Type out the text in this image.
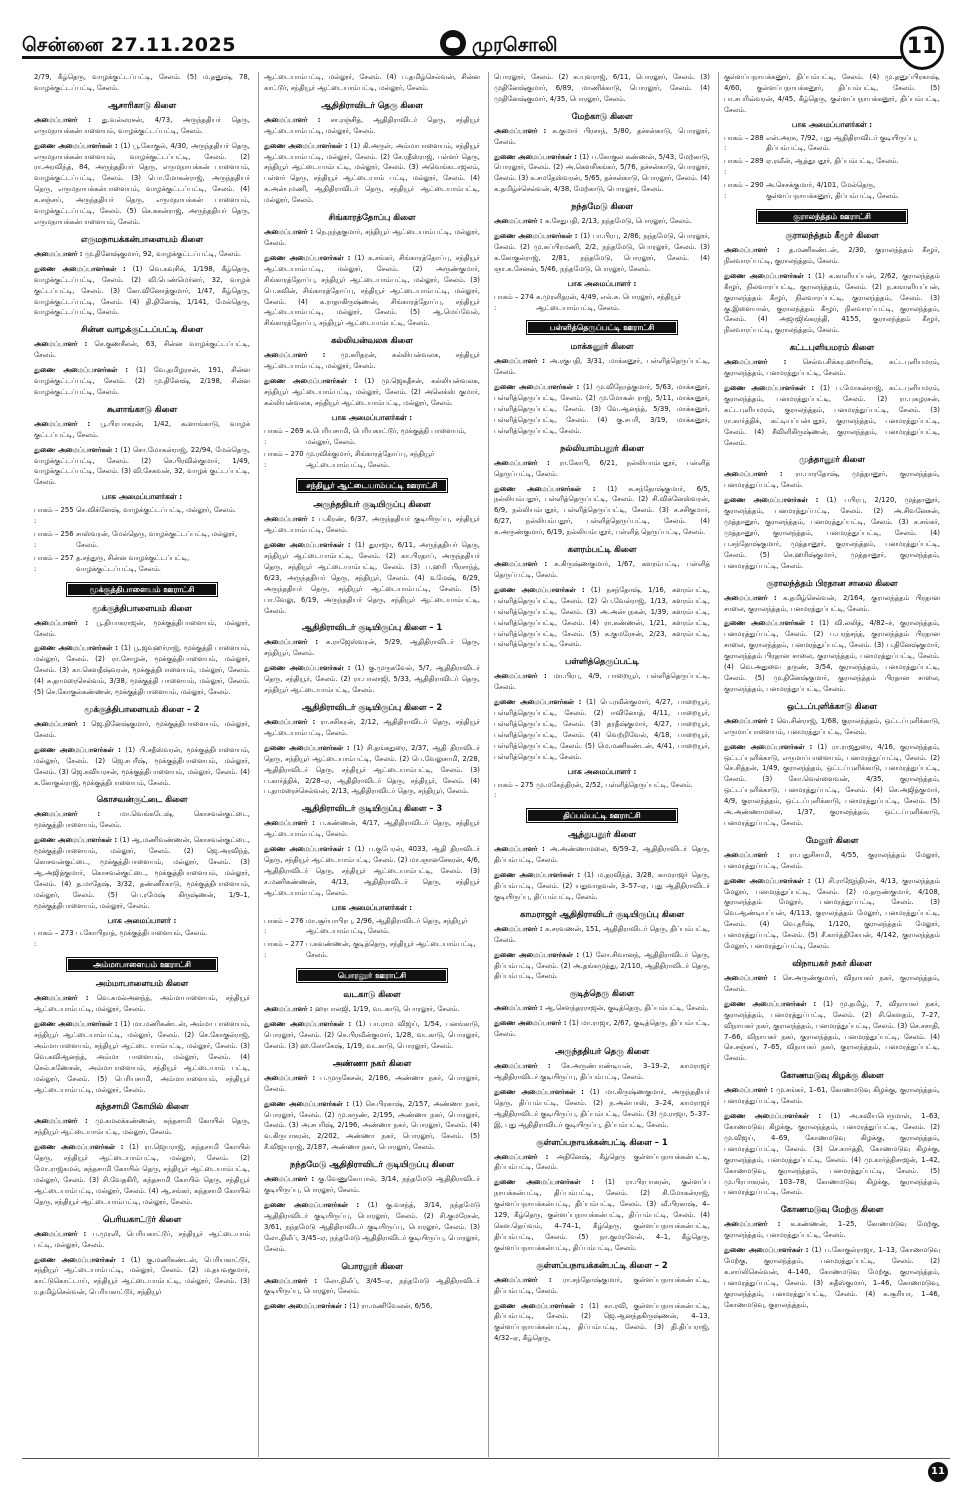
சென்னை 27.11.2025	முரசொலி	11

2/79, கீழ்தெரு, வாழக்குட்டப்பட்டி, சேலம். (5) ம.தனுஷ், 78, வாழக்குட்டப்பட்டி, சேலம்.

ஆசாரிகாடு கிளை

அமைப்பாளர் : து.வல்லரசன், 4/73, அருந்ததியர் தெரு, எருமநாயக்கன்பாளையம், வாழக்குட்டப்பட்டி, சேலம்.

துணை அமைப்பாளர்கள் : (1) பூ.கோகுல், 4/30, அருந்ததியர் தெரு, எருமநாயக்கன்பாளையம், வாழக்குட்டப்பட்டி, சேலம். (2) ரா.அரவிந்த், 84, அருந்ததியர் தெரு, எருமநாயக்கன் பாளையம், வாழக்குட்டப்பட்டி, சேலம். (3) பொ.மோகன்ராஜ், அருந்ததியர் தெரு, எருமநாயக்கன்பாளையம், வாழக்குட்டப்பட்டி, சேலம். (4) க.சஞ்சய், அருந்ததியர் தெரு, எருமநாயக்கன் பாளையம், வாழக்குட்டப்பட்டி, சேலம். (5) செ.சுகன்ராஜ், அருந்ததியர் தெரு, எருமநாயக்கன்பாளையம், சேலம்.

எருமநாயக்கன்பாளையம் கிளை

அமைப்பாளர் : மு.தினேஷ்குமார், 92, வாழக்குட்டப்பட்டி, சேலம்.

துணை அமைப்பாளர்கள் : (1) வெ.கவுசிக், 1/198, கீழ்தெரு, வாழக்குட்டப்பட்டி, சேலம். (2) வி.பெண்மெர்னர், 32, வாழக் குட்டப்பட்டி, சேலம். (3) கோ.வினோத்குமார், 1/47, கீழ்தெரு, வாழக்குட்டப்பட்டி, சேலம். (4) தி.தினேஷ், 1/141, மேல்தெரு, வாழக்குட்டப்பட்டி, சேலம்.

சின்ன வாழக்குட்டப்பட்டி கிளை

அமைப்பாளர் : செ.குணசீலன், 63, சின்ன வாழக்குட்டப்பட்டி, சேலம்.

துணை அமைப்பாளர்கள் : (1) வே.தமிழரசன், 191, சின்ன வாழக்குட்டப்பட்டி, சேலம். (2) மு.தினேஷ், 2/198, சின்ன வாழக்குட்டப்பட்டி, சேலம்.

கூளாங்காடு கிளை

அமைப்பாளர் : பூ.பிரபாகரன், 1/42, கூளாங்காடு, வாழக் குட்டப்பட்டி, சேலம்.

துணை அமைப்பாளர்கள் : (1) சொ.மோகன்ராஜ், 22/94, மேல்தெரு, வாழக்குட்டப்பட்டி, சேலம். (2) செ.பிரவின்குமார், 1/49, வாழக்குட்டப்பட்டி, சேலம். (3) வி.சேகவன், 32, வாழக் குட்டப்பட்டி, சேலம்.

பாக அமைப்பாளர்கள் :
பாகம் – 255 :
செ.விக்னேஷ், வாழக்குட்டப்பட்டி, மல்லூர், சேலம்.
பாகம் – 256 :
சாஸ்வரன், மேல்தெரு, வாழக்குட்டப்பட்டி, மல்லூர், சேலம்.
பாகம் – 257 :
த.சந்துரு, சின்ன வாழக்குட்டப்பட்டி, வாழக்குட்டப்பட்டி, சேலம்.
மூக்குத்திபாளையம் ஊராட்சி
மூக்குத்திபாளையம் கிளை

அமைப்பாளர் : பூ.தியாகராஜன், மூக்குத்திபாளையம், மல்லூர், சேலம்.

துணை அமைப்பாளர்கள் : (1) பூ.ஜவஹர்ராஜ், மூக்குத்தி பாளையம், மல்லூர், சேலம். (2) ரா.சோழன், மூக்குத்திபாளையம், மல்லூர், சேலம். (3) கா.கௌதீஷ்வரன், மூக்குத்திபாளையம், மல்லூர், சேலம். (4) சு.தாமரைசெல்வம், 3/38, மூக்குத்தி பாளையம், மல்லூர், சேலம். (5) செ.கோகுல்கண்ணன், மூக்குத்திபாளையம், மல்லூர், சேலம்.

மூக்குத்திபாளையம் கிளை – 2

அமைப்பாளர் : ஜெ.தினேஷ்குமார், மூக்குத்திபாளையம், மல்லூர், சேலம்.

துணை அமைப்பாளர்கள் : (1) பி.சதீஸ்வரன், மூக்குத்திபாளையம், மல்லூர், சேலம். (2) ஜெ.சபரீஷ், மூக்குத்திபாளையம், மல்லூர், சேலம். (3) ஜெ.கவியரசன், மூக்குத்திபாளையம், மல்லூர், சேலம். (4) க.கோகுல்ராஜ், மூக்குத்திபாளையம், சேலம்.

கொசவன்குட்டை கிளை

அமைப்பாளர் : மா.வெங்கடேஷ், கொசவன்குட்டை, மூக்குத்திபாளையம், சேலம்.

துணை அமைப்பாளர்கள் : (1) ஆ.மணிவண்ணன், கொசவன்குட்டை, மூக்குத்திபாளையம், மல்லூர், சேலம். (2) ஜெ.அரவிந்த், கொசவன்குட்டை, மூக்குத்திபாளையம், மல்லூர், சேலம். (3) ஆ.அஜித்குமார், கொசவன்குட்டை, மூக்குத்திபாளையம், மல்லூர், சேலம். (4) த.மாதேஷ், 3/32, தண்ணீர்காடு, மூக்குத்திபாளையம், மல்லூர், சேலம். (5) பெ.ரமேஷ் கிருஷ்ணன், 1/9–1, மூக்குத்திபாளையம், மல்லூர், சேலம்.

பாக அமைப்பாளர் :
பாகம் – 273 :
ப.கோபிநாத், மூக்குத்திபாளையம், சேலம்.
அம்மாபாளையம் ஊராட்சி
அம்மாபாளையம் கிளை

அமைப்பாளர் : வெ.கமல்அனந்த், அம்மாபாளையம், சந்தியூர் ஆட்டையாம்பட்டி, மல்லூர், சேலம்.

துணை அமைப்பாளர்கள் : (1) மா.மணிகண்டன், அம்மா பாளையம், சந்தியூர் ஆட்டையாம்பட்டி, மல்லூர், சேலம். (2) செ.கோகுல்ராஜ், அம்மாபாளையம், சந்தியூர் ஆட்டை யாம்பட்டி, மல்லூர், சேலம். (3) வெ.கவிஆனந்த், அம்மா பாளையம், மல்லூர், சேலம். (4) செல்.கணேசன், அம்மாபாளையம், சந்தியூர் ஆட்டையாம் பட்டி, மல்லூர், சேலம். (5) பெரியசாமி, அம்மாபாளையம், சந்தியூர் ஆட்டையாம்பட்டி, மல்லூர், சேலம்.

கந்தசாமி கோயில் கிளை

அமைப்பாளர் : மு.கமலக்கண்ணன், கந்தசாமி கோயில் தெரு, சந்தியூர் ஆட்டையாம்பட்டி, மல்லூர், சேலம்.

துணை அமைப்பாளர்கள் : (1) ரா.ஜெயராஜ், கந்தசாமி கோயில் தெரு, சந்தியூர் ஆட்டையாம்பட்டி, மல்லூர், சேலம். (2) மோ.ராஜ்கமல், கந்தசாமி கோயில் தெரு, சந்தியூர் ஆட்டையாம்பட்டி, மல்லூர், சேலம். (3) சி.வேதகிரி, கந்தசாமி கோயில் தெரு, சந்தியூர் ஆட்டையாம்பட்டி, மல்லூர், சேலம். (4) ஆ.சங்கர், கந்தசாமி கோயில் தெரு, சந்தியூர் ஆட்டையாம்பட்டி, மல்லூர், சேலம்.

பெரியகாட்டூர் கிளை

அமைப்பாளர் : ப.முரளி, பெரியகாட்டூர், சந்தியூர் ஆட்டையாம் பட்டி, மல்லூர், சேலம்.

துணை அமைப்பாளர்கள் : (1) கு.மணிகண்டன், பெரியகாட்டூர், சந்தியூர் ஆட்டையாம்பட்டி, மல்லூர், சேலம். (2) ம.தயவுகுமார், காட்டுகொட்டாய், சந்தியூர் ஆட்டையாம்பட்டி, மல்லூர், சேலம். (3) ர.தமிழ்செல்வன், பெரியகாட்டூர், சந்தியூர்

ஆட்டையாம்பட்டி, மல்லூர், சேலம். (4) ப.தமிழ்செல்வன், சின்ன காட்டூர், சந்தியூர் ஆட்டையாம்பட்டி, மல்லூர், சேலம்.

ஆதிதிராவிடர் தெரு கிளை

அமைப்பாளர் : சா.ரஞ்சித், ஆதிதிராவிடர் தெரு, சந்தியூர் ஆட்டையாம்பட்டி, மல்லூர், சேலம்.

துணை அமைப்பாளர்கள் : (1) கி.அருள், அம்மாபாளையம், சந்தியூர் ஆட்டையாம்பட்டி, மல்லூர், சேலம். (2) சே.ரதீஸ்ராஜ், பள்ளர் தெரு, சந்தியூர் ஆட்டையாம்பட்டி, மல்லூர், சேலம். (3) அவெங்கடாஜலம், பள்ளர் தெரு, சந்தியூர் ஆட்டையாம் பட்டி, மல்லூர், சேலம். (4) சு.அன்புமணி, ஆதிதிராவிடர் தெரு, சந்தியூர் ஆட்டையாம்பட்டி, மல்லூர், சேலம்.

சிங்காரத்தோப்பு கிளை

அமைப்பாளர் : நெ.நந்தகுமார், சந்தியூர் ஆட்டையாம்பட்டி, மல்லூர், சேலம்.

துணை அமைப்பாளர்கள் : (1) க.சங்கர், சிங்காரத்தோப்பு, சந்தியூர் ஆட்டையாம்பட்டி, மல்லூர், சேலம். (2) அருண்குமார், சிங்காரத்தோப்பு, சந்தியூர் ஆட்டையாம்பட்டி, மல்லூர், சேலம். (3) பெ.கவின், சிங்காரத்தோப்பு, சந்தியூர் ஆட்டையாம்பட்டி, மல்லூர், சேலம். (4) க.ராதாகிருஷ்ணன், சிங்காரத்தோப்பு, சந்தியூர் ஆட்டையாம்பட்டி, மல்லூர், சேலம். (5) ஆ.மெய்வேல், சிங்காரத்தோப்பு, சந்தியூர் ஆட்டையாம்பட்டி, சேலம்.

கல்லியன்வலசு கிளை

அமைப்பாளர் : மு.சுரிதரன், கல்லியன்வலசு, சந்தியூர் ஆட்டையாம்பட்டி, மல்லூர், சேலம்.

துணை அமைப்பாளர்கள் : (1) மு.ஜெகதீசன், கல்லியன்வலசு, சந்தியூர் ஆட்டையாம்பட்டி, மல்லூர், சேலம். (2) அலெக்ஸ் குமார், கல்லியன்வலசு, சந்தியூர் ஆட்டையாம்பட்டி, மல்லூர், சேலம்.

பாக அமைப்பாளர்கள் :
பாகம் – 269 :
சு.பெரியசாமி, பெரியகாட்டூர், மூக்குத்தி பாளையம், மல்லூர், சேலம்.
பாகம் – 270 :
மு.ரவிக்குமார், சிங்காரத்தோப்பு, சந்தியூர் ஆட்டையாம்பட்டி, சேலம்.
சந்தியூர் ஆட்டையாம்பட்டி ஊராட்சி
அருந்ததியர் குடியிருப்பு கிளை

அமைப்பாளர் : ப.கிரண், 6/37, அருந்ததியர் குடியிருப்பு, சந்தியூர் ஆட்டையாம்பட்டி, சேலம்.

துணை அமைப்பாளர்கள் : (1) துராஜா, 6/11, அருந்ததியர் தெரு, சந்தியூர் ஆட்டையாம்பட்டி, சேலம். (2) கா.பிரதாப், அருந்ததியர் தெரு, சந்தியூர் ஆட்டையாம்பட்டி, சேலம். (3) ப.ஹரி பிரசாந்த், 6/23, அருந்ததியர் தெரு, சந்தியூர், சேலம். (4) உமேஷ், 6/29, அருந்ததியர் தெரு, சந்தியூர் ஆட்டையாம்பட்டி, சேலம். (5) பா.வேலு, 6/19, அருந்ததியர் தெரு, சந்தியூர் ஆட்டையாம்பட்டி, சேலம்.

ஆதிதிராவிடர் குடியிருப்பு கிளை – 1

அமைப்பாளர் : சு.ராஜேஸ்வரன், 5/29, ஆதிதிராவிடர் தெரு, சந்தியூர், சேலம்.

துணை அமைப்பாளர்கள் : (1) கு.முருகவேல், 5/7, ஆதிதிராவிடர் தெரு, சந்தியூர், சேலம். (2) ரா.பாலாஜி, 5/33, ஆதிதிராவிடர் தெரு, சந்தியூர் ஆட்டையாம்பட்டி, சேலம்.

ஆதிதிராவிடர் குடியிருப்பு கிளை – 2

அமைப்பாளர் : ரா.சசிகரன், 2/12, ஆதிதிராவிடர் தெரு, சந்தியூர் ஆட்டையாம்பட்டி, சேலம்.

துணை அமைப்பாளர்கள் : (1) சி.தங்கதுரை, 2/37, ஆதி திராவிடர் தெரு, சந்தியூர் ஆட்டையாம்பட்டி, சேலம். (2) பெ.வேலுசாமி, 2/28, ஆதிதிராவிடர் தெரு, சந்தியூர் ஆட்டையாம்பட்டி, சேலம். (3) ப.கார்த்திக், 2/28–ஏ, ஆதிதிராவிடர் தெரு, சந்தியூர், சேலம். (4) ப.தாமரைச்செல்வன், 2/13, ஆதிதிராவிடர் தெரு, சந்தியூர், சேலம்.

ஆதிதிராவிடர் குடியிருப்பு கிளை – 3

அமைப்பாளர் : ப.கண்ணன், 4/17, ஆதிதிராவிடர் தெரு, சந்தியூர் ஆட்டையாம்பட்டி, சேலம்.

துணை அமைப்பாளர்கள் : (1) ப.குபேரன், 4033, ஆதி திராவிடர் தெரு, சந்தியூர் ஆட்டையாம்பட்டி, சேலம். (2) மா.ஞானசேகரன், 4/6, ஆதிதிராவிடர் தெரு, சந்தியூர் ஆட்டையாம்பட்டி, சேலம். (3) ச.மணிகண்ணன், 4/13, ஆதிதிராவிடர் தெரு, சந்தியூர் ஆட்டையாம்பட்டி, சேலம்.

பாக அமைப்பாளர்கள் :
பாகம் – 276 :
மா.சூர்யாபிரபு, 2/96, ஆதிதிராவிடர் தெரு, சந்தியூர் ஆட்டையாம்பட்டி, சேலம்.
பாகம் – 277 :
ப.சுவண்ணன், குடித்தெரு, சந்தியூர் ஆட்டையாம்பட்டி, சேலம்.
பொரலூர் ஊராட்சி
வடகாடு கிளை

அமைப்பாளர் : ஹரபாலஜி, 1/19, வடகாடு, பொரலூர், சேலம்.

துணை அமைப்பாளர்கள் : (1) பா.ராம விஜய், 1/54, பனங்காடு, பொரலூர், சேலம். (2) செ.பிரவீன்குமார், 1/28, வடகாடு, பொரலூர், சேலம். (3) ஹ.லோகேஷ், 1/19, வடகாடு, பொரலூர், சேலம்.

அண்ணா நகர் கிளை

அமைப்பாளர் : ப.முருகேசன், 2/186, அண்ணா நகர், பொரலூர், சேலம்.

துணை அமைப்பாளர்கள் : (1) செ.பிரகாஷ், 2/157, அண்ணா நகர், பொரலூர், சேலம். (2) மு.கருண், 2/195, அண்ணா நகர், பொரலூர், சேலம். (3) அ.சபரிஷ், 2/196, அண்ணா நகர், பொரலூர், சேலம். (4) வ.கிருபாகரன், 2/202, அண்ணா நகர், பொரலூர், சேலம். (5) சீ.விஜயராஜ், 2/187, அண்ணா நகர், பொரலூர், சேலம்.

நந்தமேடு ஆதிதிராவிடர் குடியிருப்பு கிளை

அமைப்பாளர் : கு.வேணுகோபால், 3/14, நந்தமேடு ஆதிதிராவிடர் குடியிருப்பு, பொரலூர், சேலம்.

துணை அமைப்பாளர்கள் : (1) கு.வசந்த், 3/14, நந்தமேடு ஆதிதிராவிடர் குடியிருப்பு, பொரலூர், சேலம். (2) சி.குமரேசன், 3/61, நந்தமேடு ஆதிதிராவிடர் குடியிருப்பு, பொரலூர், சேலம். (3) லோ.திலீப், 3/45–ஏ, நந்தமேடு ஆதிதிராவிடர் குடியிருப்பு, பொரலூர், சேலம்.

பொரலூர் கிளை

அமைப்பாளர் : லோ.திலீப், 3/45–ஏ, நந்தமேடு ஆதிதிராவிடர் குடியிருப்பு, பொரலூர், சேலம்.

துணை அமைப்பாளர்கள் : (1) ரா.மணிவேலன், 6/56,

பொரலூர், சேலம். (2) சு.யுவராஜ், 6/11, பொரலூர், சேலம். (3) முதினேஷ்குமார், 6/89, மாணிக்காடு, பொரலூர், சேலம். (4) முதினேஷ்குமார், 4/35, பொரலூர், சேலம்.

மேற்காடு கிளை

அமைப்பாளர் : சு.குமார் பிரசாந், 5/80, தச்சன்காடு, பொரலூர், சேலம்.

துணை அமைப்பாளர்கள் : (1) ப.கோகுல கண்ணன், 5/43, மேற்காடு, பொரலூர், சேலம். (2) அ.கௌசிகங்கர், 5/76, தச்சன்காடு, பொரலூர், சேலம். (3) க.சமதேஸ்வரன், 5/65, தச்சன்காடு, பொரலூர், சேலம். (4) க.தமிழ்ச்செல்வன், 4/38, மேற்காடு, பொரலூர், சேலம்.

நந்தமேடு கிளை

அமைப்பாளர் : சு.சேதுபதி, 2/13, நந்தமேடு, பொரலூர், சேலம்.

துணை அமைப்பாளர்கள் : (1) பா.பிரபு, 2/86, நந்தமேடு, பொரலூர், சேலம். (2) மு.சுப்பிரமணி, 2/2, நந்தமேடு, பொரலூர், சேலம். (3) க.கோகுல்ராஜ், 2/81, நந்தமேடு, பொரலூர், சேலம். (4) ஞா.சு.சேனன், 5/46, நந்தமேடு, பொரலூர், சேலம்.

பாக அமைப்பாளர் :
பாகம் – 274 :
சு.முரளிதரன், 4/49, எல்.சு. பொரலூர், சந்தியூர் ஆட்டையாம்பட்டி, சேலம்.
பள்ளித்தெருப்பட்டி ஊராட்சி
மாக்கனூர் கிளை

அமைப்பாளர் : அ.ரகுபதி, 3/31, மாக்கனூர், பள்ளித்தெருப்பட்டி, சேலம்.

துணை அமைப்பாளர்கள் : (1) மு.விநோத்குமார், 5/63, மாக்கனூர், பள்ளித்தெருப்பட்டி, சேலம். (2) மு.மோகன் ராஜ், 5/11, மாக்கனூர், பள்ளித்தெருப்பட்டி, சேலம். (3) வே.ஆனந்த், 5/39, மாக்கனூர், பள்ளித்தெருப்பட்டி, சேலம். (4) கு.சபரி, 3/19, மாக்கனூர், பள்ளித்தெருப்பட்டி, சேலம்.

நல்லியாம்பதூர் கிளை

அமைப்பாளர் : ரா.கோபி, 6/21, நல்லியாம்பதூர், பள்ளித் தெருப்பட்டி, சேலம்.

துணை அமைப்பாளர்கள் : (1) சு.சந்தோஷ்குமார், 6/5, நல்லியம்பதூர், பள்ளித்தெருப்பட்டி, சேலம். (2) சி.விக்னேஸ்வரன், 6/9, நல்லியம்பதூர், பள்ளித்தெருப்பட்டி, சேலம். (3) ச.சசிகுமார், 6/27, நல்லியம்பதூர், பள்ளித்தெருப்பட்டி, சேலம். (4) சு.அருண்குமார், 6/19, நல்லியம்பதூர், பள்ளித் தெருப்பட்டி, சேலம்.

களரம்பட்டி கிளை

அமைப்பாளர் : சு.கிருஷ்ணகுமார், 1/67, களரம்பட்டி, பள்ளித் தெருப்பட்டி, சேலம்.

துணை அமைப்பாளர்கள் : (1) நசந்தோஷ், 1/16, களரம்பட்டி, பள்ளித்தெருப்பட்டி, சேலம். (2) பெ.வேல்ராஜ், 1/13, களரம்பட்டி, பள்ளித்தெருப்பட்டி, சேலம். (3) அ.அன்புநகன், 1/39, களரம்பட்டி, பள்ளித்தெருப்பட்டி, சேலம். (4) ரா.கண்ணன், 1/21, களரம்பட்டி, பள்ளித்தெருப்பட்டி, சேலம். (5) க.குமரேசன், 2/23, களரம்பட்டி, பள்ளித்தெருப்பட்டி, சேலம்.

பள்ளித்தெருப்பட்டி

அமைப்பாளர் : மா.பிரபு, 4/9, பாறையூர், பள்ளித்தெருப்பட்டி, சேலம்.

துணை அமைப்பாளர்கள் : (1) பெ.ரவீன்குமார், 4/27, பாறையூர், பள்ளித்தெருப்பட்டி, சேலம். (2) ஈவினோத், 4/11, பாறையூர், பள்ளித்தெருப்பட்டி, சேலம். (3) தரதீஷ்குமார், 4/27, பாறையூர், பள்ளித்தெருப்பட்டி, சேலம். (4) வெற்றிவேல், 4/18, பாறையூர், பள்ளித்தெருப்பட்டி, சேலம். (5) மெ.மணிகண்டன், 4/41, பாறையூர், பள்ளித்தெருப்பட்டி, சேலம்.

பாக அமைப்பாளர் :
பாகம் – 275 :
மு.மகேந்திரன், 2/52, பள்ளித்தெருப்பட்டி, சேலம்.
திப்பம்பட்டி ஊராட்சி
ஆத்துபதூர் கிளை

அமைப்பாளர் : அ.அண்ணாமலை, 6/59–2, ஆதிதிராவிடர் தெரு, திப்பம்பட்டி, சேலம்.

துணை அமைப்பாளர்கள் : (1) ம.தரவிந்த், 3/28, காமராஜர் தெரு, திப்பம்பட்டி, சேலம். (2) யதுவாதவன், 3–57–ஏ, புது ஆதிதிராவிடர் குடியிருப்பு, திப்பம்பட்டி, சேலம்.

காமராஜர் ஆதிதிராவிடர் குடியிருப்பு கிளை

அமைப்பாளர் : சு.சரவணன், 151, ஆதிதிராவிடர் தெரு, திப்பம்பட்டி, சேலம்.

துணை அமைப்பாளர்கள் : (1) லோ.சிவானந், ஆதிதிராவிடர் தெரு, திப்பம்பட்டி, சேலம். (2) அ.தங்கமுத்து, 2/110, ஆதிதிராவிடர் தெரு, திப்பம்பட்டி, சேலம்.

குடித்தெரு கிளை

அமைப்பாளர் : ஆ.சௌந்தரராஜன், குடித்தெரு, திப்பம்பட்டி, சேலம்.

துணை அமைப்பாளர் : (1) மா.ராஜா, 2/67, குடித்தெரு, திப்பம்பட்டி, சேலம்.

அருந்ததியர் தெரு கிளை

அமைப்பாளர் : சே.அருண்பாண்டியன், 3–19–2, காமராஜர் ஆதிதிராவிடர் குடியிருப்பு, திப்பம்பட்டி, சேலம்.

துணை அமைப்பாளர்கள் : (1) மா.கிருஷ்ணகுமார், அருந்ததியர் தெரு, திப்பம்பட்டி, சேலம். (2) ந.அன்பாஸ், 3–24, காமராஜர் ஆதிதிராவிடர் குடியிருப்பு, திப்பம்பட்டி, சேலம். (3) மு.ராஜா, 5–37–இ, புது ஆதிதிராவிடர் குடியிருப்பு, திப்பம்பட்டி, சேலம்.

குள்ளப்பநாயக்கன்பட்டி கிளை – 1

அமைப்பாளர் : அதினேஷ், கீழ்தெரு குள்ளப்பநாயக்கன்பட்டி, திப்பம்பட்டி, சேலம்.

துணை அமைப்பாளர்கள் : (1) ரா.பிரபாகரன், குள்ளப்ப நாயக்கன்பட்டி, திப்பம்பட்டி, சேலம். (2) சி.மோகன்ராஜ், குள்ளப்பநாயக்கன்பட்டி, திப்பம்பட்டி, சேலம். (3) வீ.பிரகாஷ், 4–129, கீழ்தெரு, குள்ளப்பநாயக்கன்பட்டி, திப்பம்பட்டி, சேலம். (4) கௌ.தெய்வம், 4–74–1, கீழ்தெரு, குள்ளப்பநாயக்கன்பட்டி, திப்பம்பட்டி, சேலம். (5) நா.குமரவேல், 4–1, கீழ்தெரு, குள்ளப்பநாயக்கன்பட்டி, திப்பம்பட்டி, சேலம்.

குள்ளப்பநாயக்கன்பட்டி கிளை – 2

அமைப்பாளர் : ரா.சந்தோஷ்குமார், குள்ளப்பநாயக்கன்பட்டி, திப்பம்பட்டி, சேலம்.

துணை அமைப்பாளர்கள் : (1) கா.ரவி, குள்ளப்பநாயக்கன்பட்டி, திப்பம்பட்டி, சேலம். (2) ஜெ.ஆனந்தகிருஷ்ணன், 4–13, குள்ளப்பநாயக்கன்பட்டி, திப்பம்பட்டி, சேலம். (3) தி.திப்பராஜ், 4/32–ஏ, கீழ்தெரு,

குள்ளப்பநாயக்கனூர், திப்பம்பட்டி, சேலம். (4) மு.தனுப்பிரகாஷ், 4/60, குள்ளப்பநாயக்கனூர், திப்பம்பட்டி, சேலம். (5) பா.சபரிவ்வரன், 4/45, கீழ்தெரு, குள்ளப்பநாயக்கனூர், திப்பம்பட்டி, சேலம்.

பாக அமைப்பாளர்கள் :
பாகம் – 288 :
என்.அரசு, 7/92, புது ஆதிதிராவிடர் குடியிருப்பு, திப்பம்பட்டி, சேலம்.
பாகம் – 289 :
ஏ.ரவீன், ஆத்துபதூர், திப்பம்பட்டி, சேலம்.
பாகம் – 290 :
அ.செசக்குமார், 4/101, மேல்தெரு, குள்ளப்பநாயக்கனூர், திப்பம்பட்டி, சேலம்.
குராலந்த்தம் ஊராட்சி
குராலந்த்தம் கீழூர் கிளை

அமைப்பாளர் : த.மணிகண்டன், 2/30, குராலந்த்தம் கீழூர், நிலவாரப்பட்டி, குராலந்த்தம், சேலம்.

துணை அமைப்பாளர்கள் : (1) க.காளியப்பன், 2/62, குராலந்த்தம் கீழூர், நிலவாரப்பட்டி, குராலந்த்தம், சேலம். (2) ந.கஙாளியப்பன், குராலந்த்தம் கீழூர், நிலவாரப்பட்டி, குராலந்த்தம், சேலம். (3) கு.இளையான், குராலந்த்தம் கீழூர், நிலவாரப்பட்டி, குராலந்த்தம், சேலம். (4) அஜாஜிங்கரந்தி, 4155, குராலந்த்தம் கீழூர், நிலவாரப்பட்டி, குராலந்த்தம், சேலம்.

கட்டபுளியமரம் கிளை

அமைப்பாளர் : செல்வ.சிக்கர.ஹாரிஷ், கட்டபுளியமரம், குராலந்த்தம், பனமரத்துப்பட்டி, சேலம்.

துணை அமைப்பாளர்கள் : (1) ப.மோகன்ராஜ், கட்டபுளியமரம், குராலந்த்தம், பனமரத்துப்பட்டி, சேலம். (2) ரா.புகழரசன், கட்டபுளியமரம், குராலந்த்தம், பனமரத்துப்பட்டி, சேலம். (3) ரா.கார்த்திக், கட்டியப்பன்புதூர், குராலந்த்தம், பனமரத்துப்பட்டி, சேலம். (4) சீவிளிகிருஷ்ணன், குராலந்த்தம், பனமரத்துப்பட்டி, சேலம்.

முத்தானூர் கிளை

அமைப்பாளர் : ரா.பாரதோஷ், முத்தானூர், குராலந்த்தம், பனமரத்துப்பட்டி, சேலம்.

துணை அமைப்பாளர்கள் : (1) பபிரபு, 2/120, முத்தானூர், குராலந்த்தம், பனமரத்துப்பட்டி, சேலம். (2) அ.சிவனேசன், முத்தானூர், குராலந்த்தம், பனமரத்துப்பட்டி, சேலம். (3) ச.சங்கர், முத்தானூர், குராலந்த்தம், பனமரத்துப்பட்டி, சேலம். (4) ப.சந்தோஷ்குமார், முத்தானூர், குராலந்த்தம், பனமரத்துப்பட்டி, சேலம். (5) செ.ஹரிஷ்குமார், முத்தானூர், குராலந்த்தம், பனமரத்துப்பட்டி, சேலம்.

குராலந்த்தம் பிரதான சாலை கிளை

அமைப்பாளர் : க.தமிழ்செல்வன், 2/164, குராலந்த்தம் பிரதான சாலை, குராலந்த்தம், பனமரத்துப்பட்டி, சேலம்.

துணை அமைப்பாளர்கள் : (1) வி.லலித், 4/82–ச், குராலந்த்தம், பனமரத்துப்பட்டி, சேலம். (2) ப.பரத்சந்த், குராலந்த்தம் பிரதான சாலை, குராலந்த்தம், பனமரத்துப்பட்டி, சேலம். (3) ப.தினேஷ்குமார், குராலந்த்தம் பிரதான சாலை, குராலந்த்தம், பனமரத்துப்பட்டி, சேலம். (4) வெ.அதுவை தருண், 3/54, குராலந்த்தம், பனமரத்துப்பட்டி, சேலம். (5) மு.தினேஷ்குமார், குராலந்த்தம் பிரதான சாலை, குராலந்த்தம், பனமரத்துப்பட்டி, சேலம்.

ஒட்டப்புளிக்காடு கிளை

அமைப்பாளர் : வெ.சின்ராஜ், 1/68, குராலந்த்தம், ஒட்டப்புளிக்காடு, எருமாப்பாளையம், பனமரத்துப்பட்டி, சேலம்.

துணை அமைப்பாளர்கள் : (1) ரா.ராஜதுரை, 4/16, குராலந்த்தம், ஒட்டப்புளிக்காடு, எருமாப்பாளையம், பனமரத்துப்பட்டி, சேலம். (2) செ.சித்தன், 1/49, குராலந்த்தம், ஒட்டப்புளிக்காடு, பனமரத்துப்பட்டி, சேலம். (3) கோ.வெள்ளைவன், 4/35, குராலந்த்தம், ஒட்டப்புளிக்காடு, பனமரத்துப்பட்டி, சேலம். (4) செ.அஜித்குமார், 4/9, குராலந்த்தம், ஒட்டப்புளிக்காடு, பனமரத்துப்பட்டி, சேலம். (5) அ.அண்ணாமலை, 1/37, குராலந்த்தம், ஒட்டப்புளிக்காடு, பனமரத்துப்பட்டி, சேலம்.

மேலூர் கிளை

அமைப்பாளர் : ரா.புதுசிசாமி, 4/55, குராலந்த்தம் மேலூர், பனமரத்துப்பட்டி, சேலம்.

துணை அமைப்பாளர்கள் : (1) சி.ராஜேந்திரன், 4/13, குராலந்த்தம் மேலூர், பனமரத்துப்பட்டி, சேலம். (2) ம.தருண்குமார், 4/108, குராலந்த்தம் மேலூர், பனமரத்துப்பட்டி, சேலம். (3) வெ.ஆண்டியப்பன், 4/113, குராலந்த்தம் மேலூர், பனமரத்துப்பட்டி, சேலம். (4) வெ.தரீஷ், 1/120, குராலந்த்தம் மேலூர், பனமரத்துப்பட்டி, சேலம். (5) சீ.கார்த்திகேயன், 4/142, குராலந்த்தம் மேலூர், பனமரத்துப்பட்டி, சேலம்.

விநாயகர் நகர் கிளை

அமைப்பாளர் : செ.அருண்குமார், விநாயகர் நகர், குராலந்த்தம், சேலம்.

துணை அமைப்பாளர்கள் : (1) மு.தமிழ், 7, விநாயகர் நகர், குராலந்த்தம், பனமரத்துப்பட்டி, சேலம். (2) சி.கெளதம், 7–27, விநாயகர் நகர், குராலந்த்தம், பனமரத்துப்பட்டி, சேலம். (3) செ.சசாதி, 7–66, விநாயகர் நகர், குராலந்த்தம், பனமரத்துப்பட்டி, சேலம். (4) செ.சஞ்சய், 7–65, விநாயகர் நகர், குராலந்த்தம், பனமரத்துப்பட்டி, சேலம்.

கோணமடுவு கிழக்கு கிளை

அமைப்பாளர் : மு.சங்கர், 1–61, கோணமடுவு கிழக்கு, குராலந்த்தம், பனமரத்துப்பட்டி, சேலம்.

துணை அமைப்பாளர்கள் : (1) அ.சுவியபெருமாள், 1–63, கோணமடுவு கிழக்கு, குராலந்த்தம், பனமரத்துப்பட்டி, சேலம். (2) மு.விஜய், 4–69, கோணமடுவு கிழக்கு, குராலந்த்தம், பனமரத்துப்பட்டி, சேலம். (3) செ.கார்த்தி, கோணமடுவு கிழக்கு, குராலந்த்தம், பனமரத்துப்பட்டி, சேலம். (4) மு.கார்த்திசாஜன், 1–42, கோணமடுவு, குராலந்த்தம், பனமரத்துப்பட்டி, சேலம். (5) மு.பிரபாகரன், 103–78, கோணமடுவு கிழக்கு, குராலந்த்தம், பனமரத்துப்பட்டி, சேலம்.

கோணமடுவு மேற்கு கிளை

அமைப்பாளர் : க.கண்ணன், 1–25, கோணமடுவு மேற்கு, குராலந்த்தம், பனமரத்துப்பட்டி, சேலம்.

துணை அமைப்பாளர்கள் : (1) ப.கோகுல்ராஜா, 1–13, கோணமடுவு மேற்கு, குராலந்த்தம், பனமரத்துப்பட்டி, சேலம். (2) க.சார்லிசெல்வன், 4–140, கோணமடுவு மேற்கு, குராலந்த்தம், பனமரத்துப்பட்டி, சேலம். (3) சுதீஸ்குமார், 1–46, கோணமடுவு, குராலந்த்தம், பனமரத்துப்பட்டி, சேலம். (4) க.சூரியா, 1–46, கோணமடுவு, குராலந்த்தம்,

11
